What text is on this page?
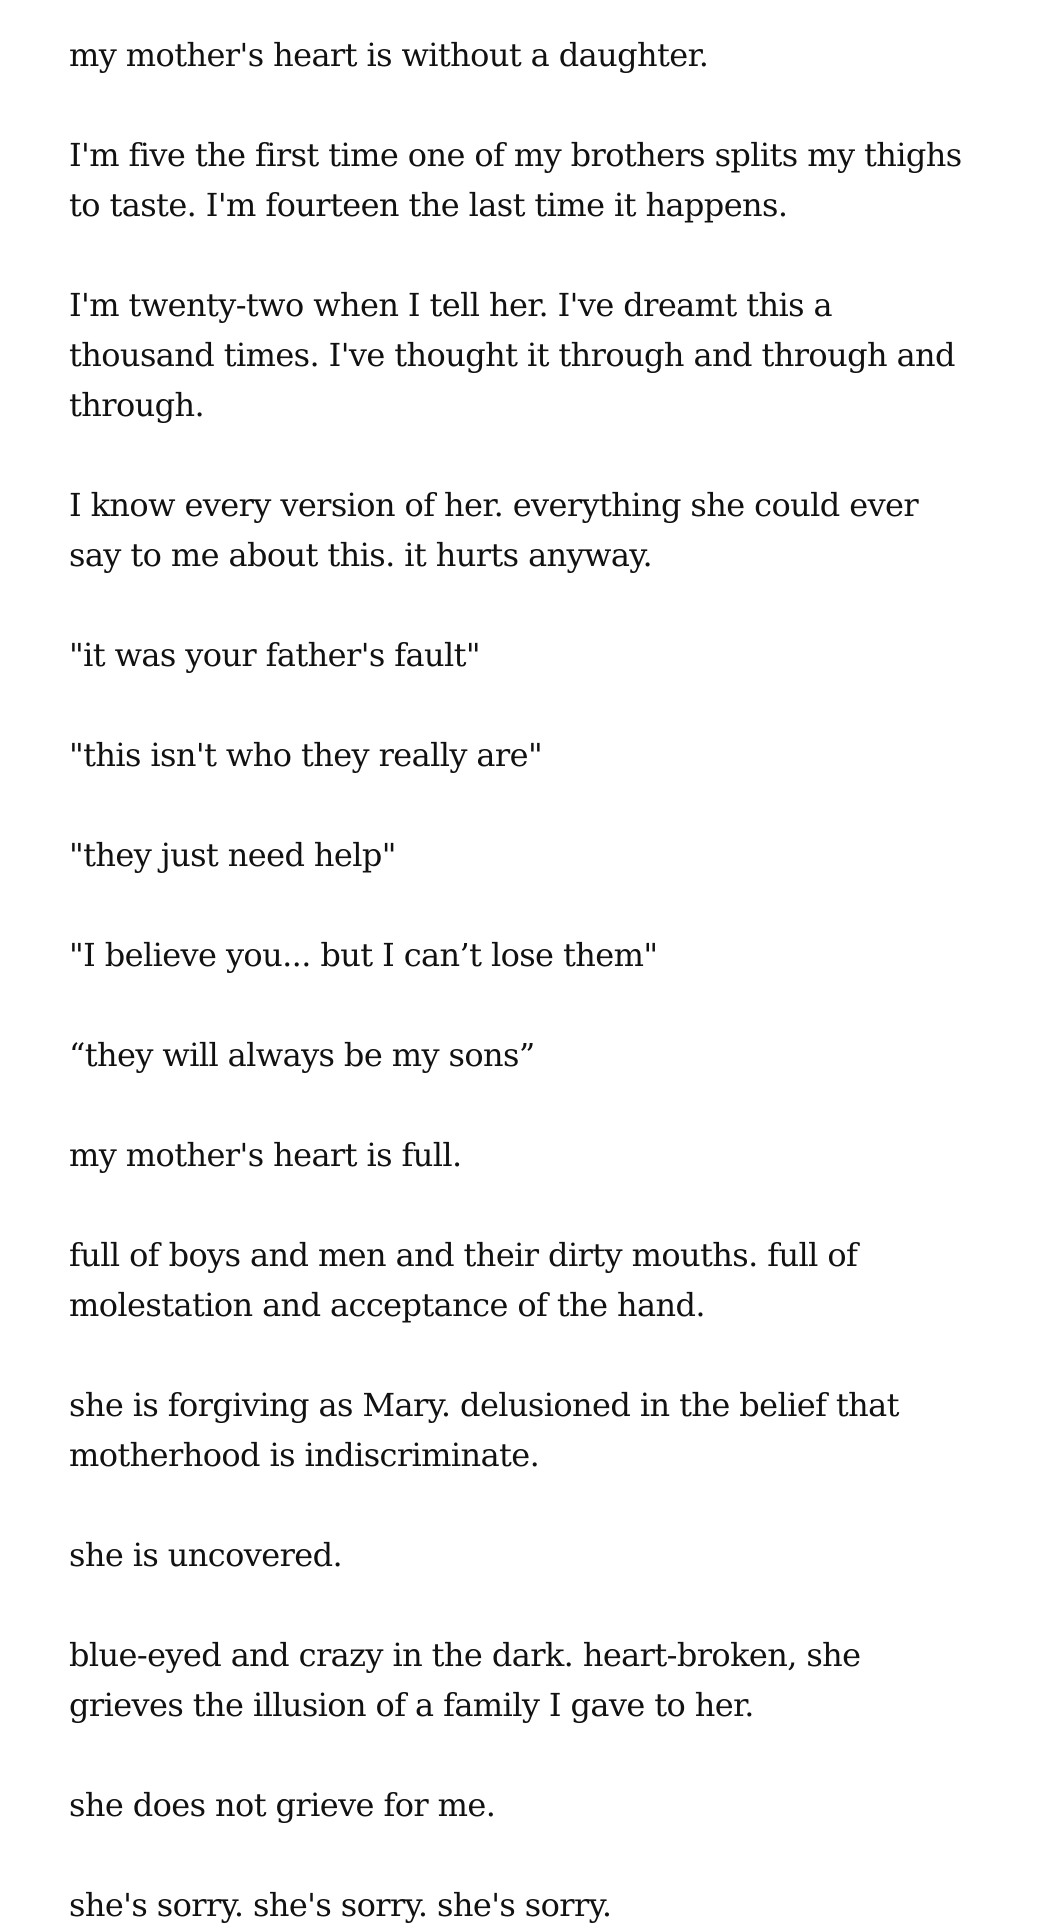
my mother's heart is without a daughter.

I'm five the first time one of my brothers splits my thighs to taste. I'm fourteen the last time it happens.

I'm twenty-two when I tell her. I've dreamt this a thousand times. I've thought it through and through and through.

I know every version of her. everything she could ever say to me about this. it hurts anyway.

"it was your father's fault"

"this isn't who they really are"

"they just need help"

"I believe you... but I can’t lose them"

“they will always be my sons”

my mother's heart is full.

full of boys and men and their dirty mouths. full of molestation and acceptance of the hand.

she is forgiving as Mary. delusioned in the belief that motherhood is indiscriminate.

she is uncovered.

blue-eyed and crazy in the dark. heart-broken, she grieves the illusion of a family I gave to her.

she does not grieve for me.

she's sorry. she's sorry. she's sorry.
